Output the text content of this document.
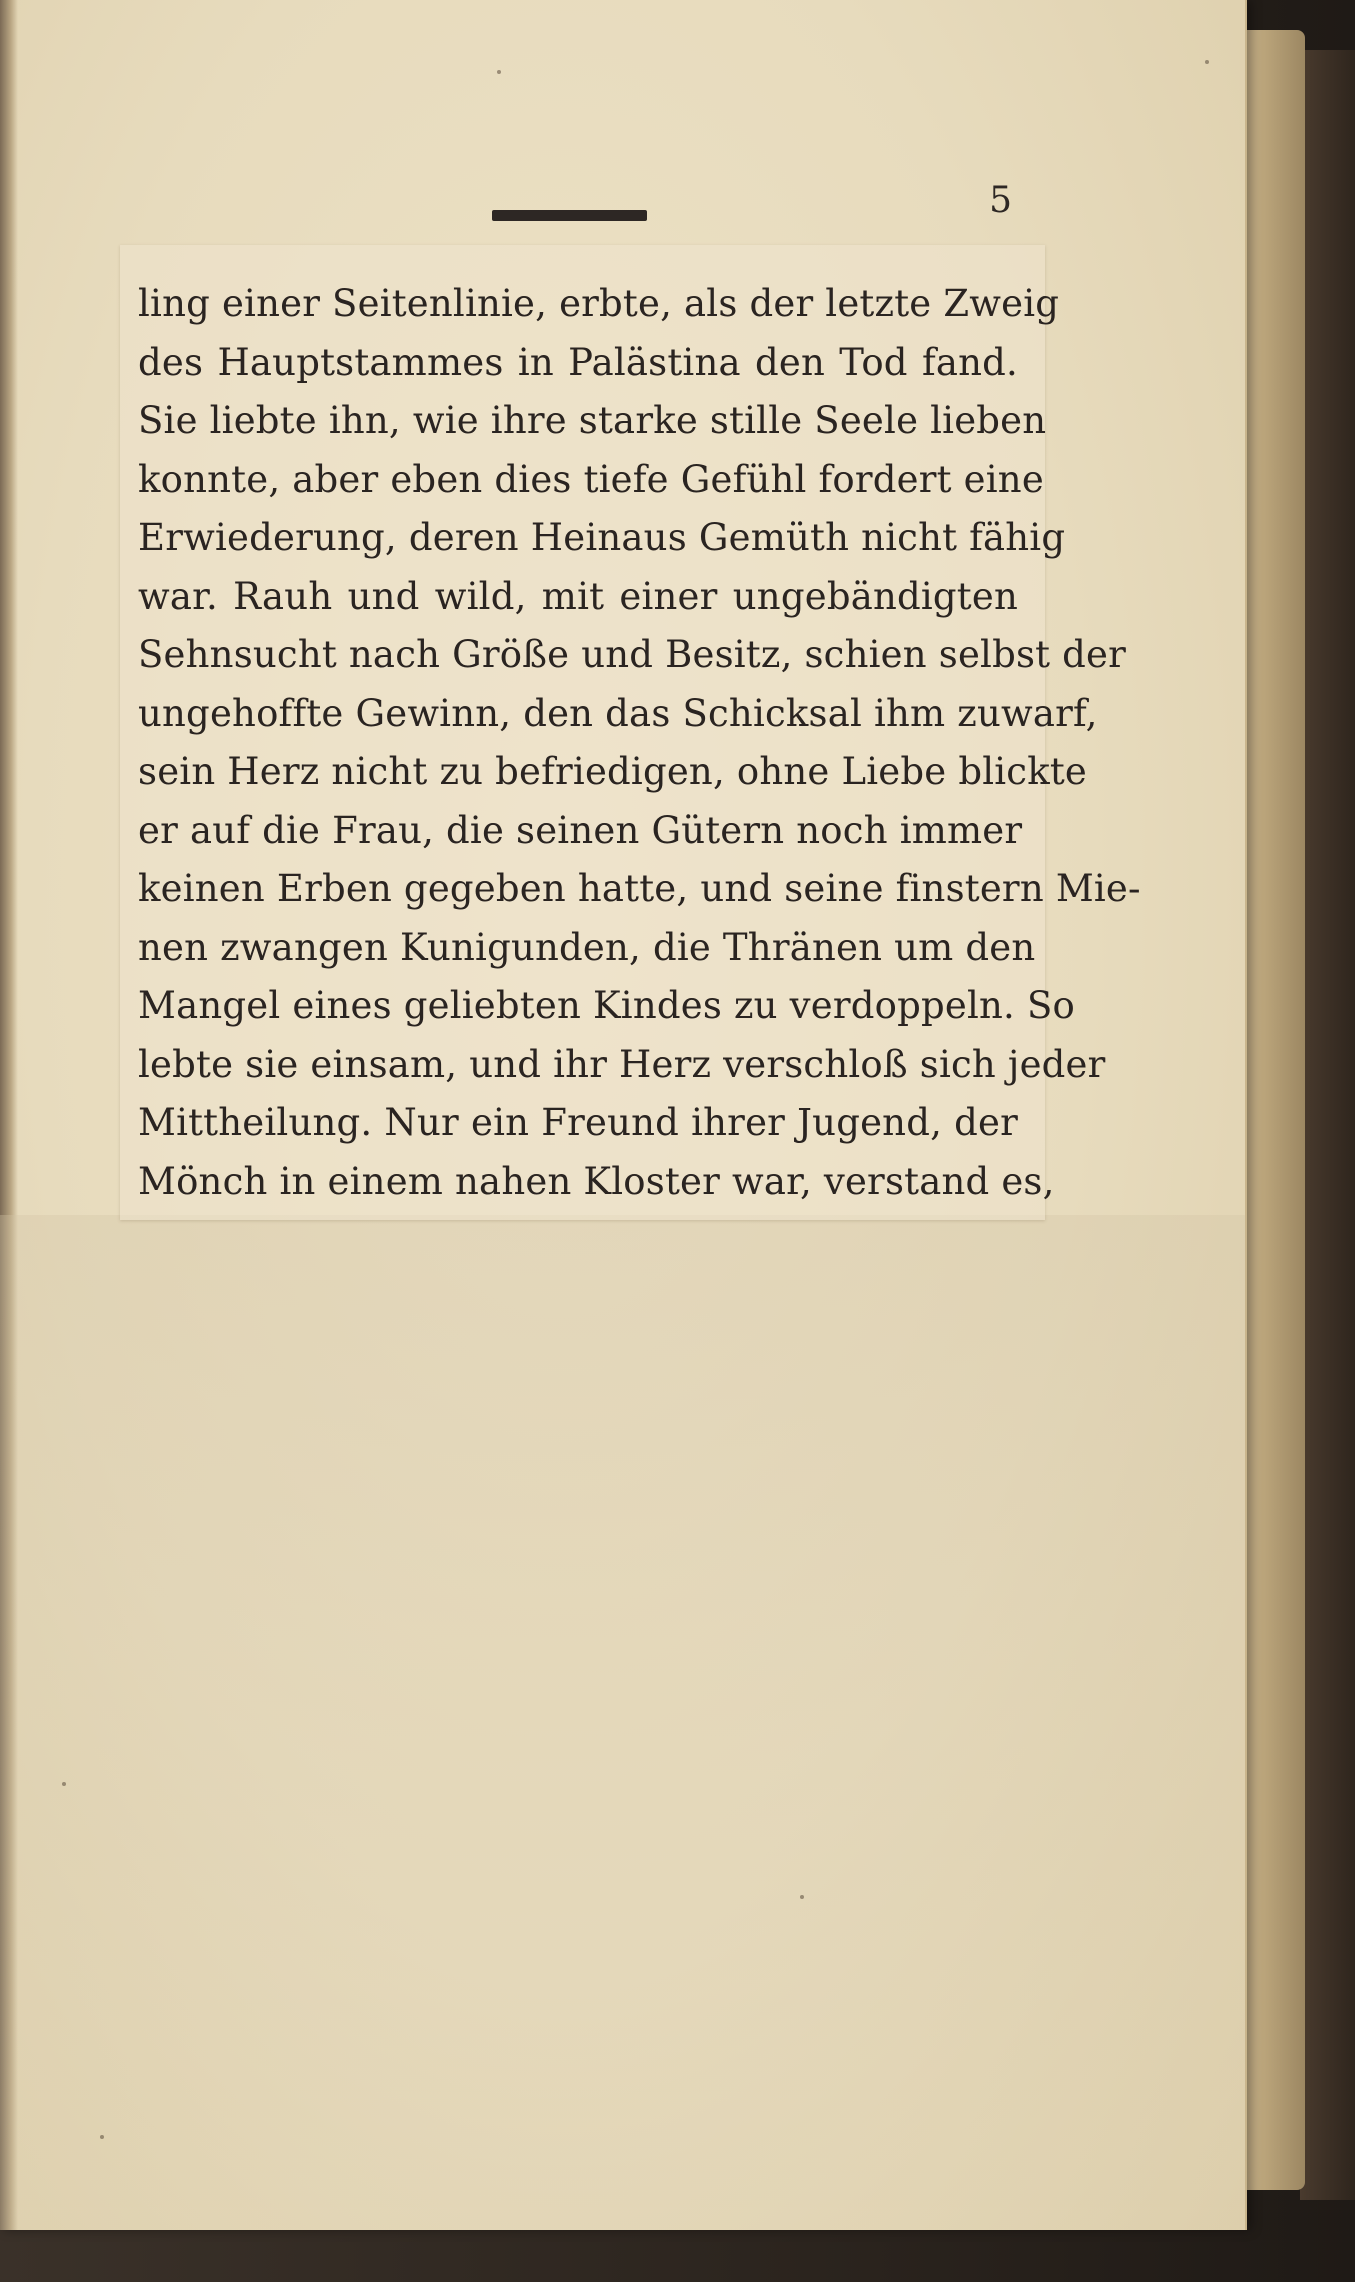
5
ling einer Seitenlinie, erbte, als der letzte Zweig
des Hauptstammes in Palästina den Tod fand.
Sie liebte ihn, wie ihre starke stille Seele lieben
konnte, aber eben dies tiefe Gefühl fordert eine
Erwiederung, deren Heinaus Gemüth nicht fähig
war. Rauh und wild, mit einer ungebändigten
Sehnsucht nach Größe und Besitz, schien selbst der
ungehoffte Gewinn, den das Schicksal ihm zuwarf,
sein Herz nicht zu befriedigen, ohne Liebe blickte
er auf die Frau, die seinen Gütern noch immer
keinen Erben gegeben hatte, und seine finstern Mie-
nen zwangen Kunigunden, die Thränen um den
Mangel eines geliebten Kindes zu verdoppeln. So
lebte sie einsam, und ihr Herz verschloß sich jeder
Mittheilung. Nur ein Freund ihrer Jugend, der
Mönch in einem nahen Kloster war, verstand es,
